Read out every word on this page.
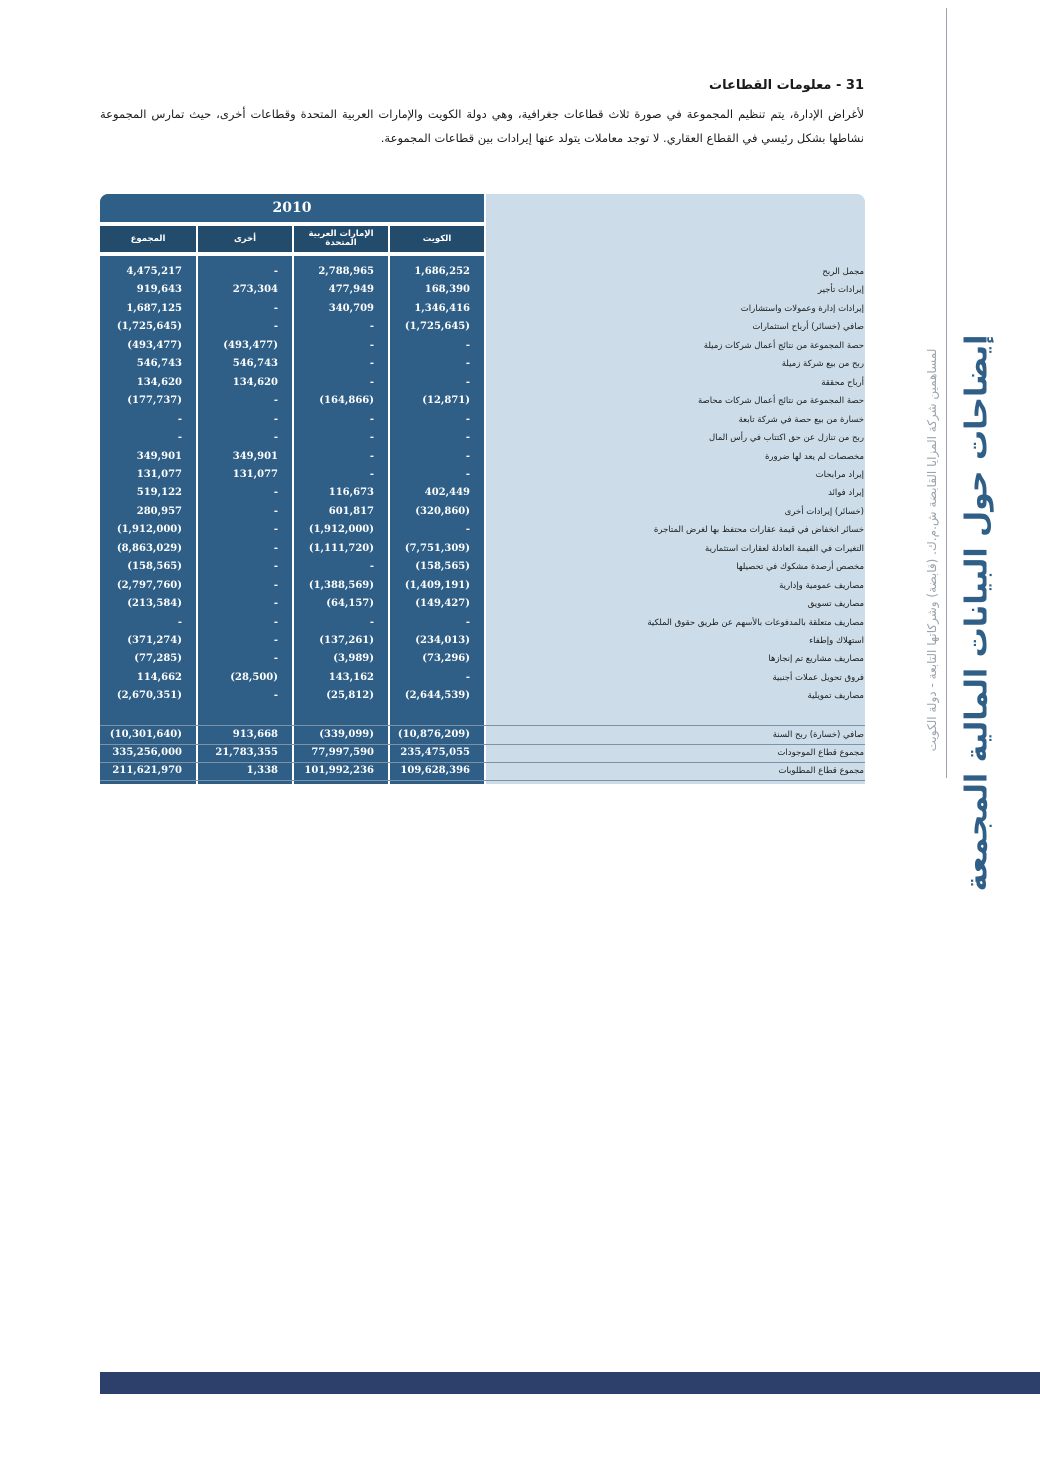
31 - معلومات القطاعات
لأغراض الإدارة، يتم تنظيم المجموعة في صورة ثلاث قطاعات جغرافية، وهي دولة الكويت والإمارات العربية المتحدة وقطاعات أخرى، حيث تمارس المجموعة نشاطها بشكل رئيسي في القطاع العقاري. لا توجد معاملات يتولد عنها إيرادات بين قطاعات المجموعة.
لمساهمين شركة المزايا القابضة ش.م.ك. (قابضة) وشركاتها التابعة - دولة الكويت إيضاحات حول البيانات المالية المجمعة
2010
الكويت
الإمارات العربية المتحدة
أخرى
المجموع
مجمل الربح
1,686,252
2,788,965
-
4,475,217
إيرادات تأجير
168,390
477,949
273,304
919,643
إيرادات إدارة وعمولات واستشارات
1,346,416
340,709
-
1,687,125
صافي (خسائر) أرباح استثمارات
(1,725,645)
-
-
(1,725,645)
حصة المجموعة من نتائج أعمال شركات زميلة
-
-
(493,477)
(493,477)
ربح من بيع شركة زميلة
-
-
546,743
546,743
أرباح محققة
-
-
134,620
134,620
حصة المجموعة من نتائج أعمال شركات محاصة
(12,871)
(164,866)
-
(177,737)
خسارة من بيع حصة في شركة تابعة
-
-
-
-
ربح من تنازل عن حق اكتتاب في رأس المال
-
-
-
-
مخصصات لم يعد لها ضرورة
-
-
349,901
349,901
إيراد مرابحات
-
-
131,077
131,077
إيراد فوائد
402,449
116,673
-
519,122
(خسائر) إيرادات أخرى
(320,860)
601,817
-
280,957
خسائر انخفاض في قيمة عقارات محتفظ بها لغرض المتاجرة
-
(1,912,000)
-
(1,912,000)
التغيرات في القيمة العادلة لعقارات استثمارية
(7,751,309)
(1,111,720)
-
(8,863,029)
مخصص أرصدة مشكوك في تحصيلها
(158,565)
-
-
(158,565)
مصاريف عمومية وإدارية
(1,409,191)
(1,388,569)
-
(2,797,760)
مصاريف تسويق
(149,427)
(64,157)
-
(213,584)
مصاريف متعلقة بالمدفوعات بالأسهم عن طريق حقوق الملكية
-
-
-
-
استهلاك وإطفاء
(234,013)
(137,261)
-
(371,274)
مصاريف مشاريع تم إنجازها
(73,296)
(3,989)
-
(77,285)
فروق تحويل عملات أجنبية
-
143,162
(28,500)
114,662
مصاريف تمويلية
(2,644,539)
(25,812)
-
(2,670,351)
صافي (خسارة) ربح السنة
(10,876,209)
(339,099)
913,668
(10,301,640)
مجموع قطاع الموجودات
235,475,055
77,997,590
21,783,355
335,256,000
مجموع قطاع المطلوبات
109,628,396
101,992,236
1,338
211,621,970
